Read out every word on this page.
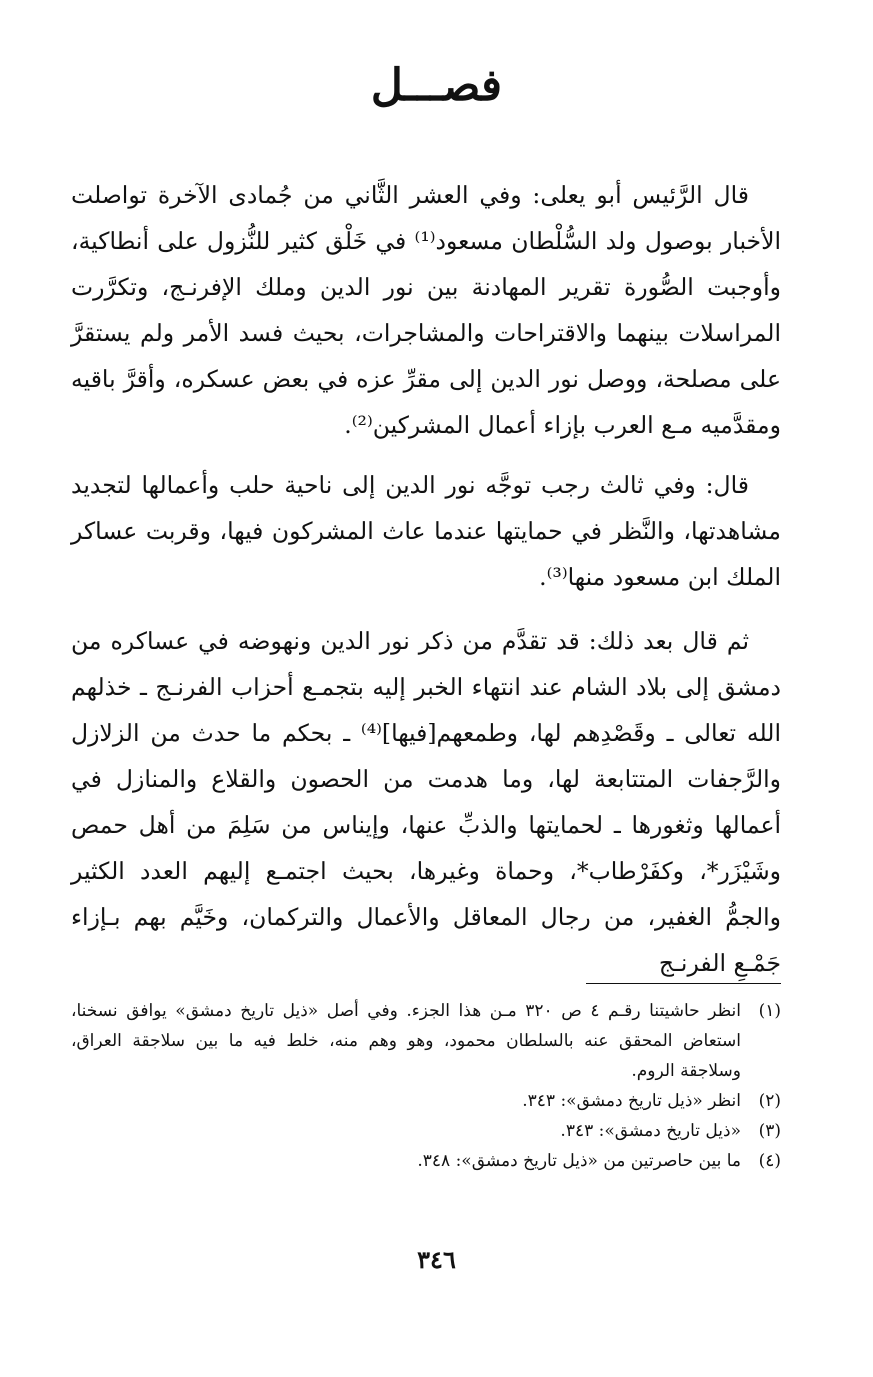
فصـــل

قال الرَّئيس أبو يعلى: وفي العشر الثَّاني من جُمادى الآخرة تواصلت الأخبار بوصول ولد السُّلْطان مسعود⁽¹⁾ في خَلْق كثير للنُّزول على أنطاكية، وأوجبت الصُّورة تقرير المهادنة بين نور الدين وملك الإفرنـج، وتكرَّرت المراسلات بينهما والاقتراحات والمشاجرات، بحيث فسد الأمر ولم يستقرَّ على مصلحة، ووصل نور الدين إلى مقرِّ عزه في بعض عسكره، وأقرَّ باقيه ومقدَّميه مـع العرب بإزاء أعمال المشركين⁽²⁾.

قال: وفي ثالث رجب توجَّه نور الدين إلى ناحية حلب وأعمالها لتجديد مشاهدتها، والنَّظر في حمايتها عندما عاث المشركون فيها، وقربت عساكر الملك ابن مسعود منها⁽³⁾.

ثم قال بعد ذلك: قد تقدَّم من ذكر نور الدين ونهوضه في عساكره من دمشق إلى بلاد الشام عند انتهاء الخبر إليه بتجمـع أحزاب الفرنـج ـ خذلهم الله تعالى ـ وقَصْدِهم لها، وطمعهم[فيها]⁽⁴⁾ ـ بحكم ما حدث من الزلازل والرَّجفات المتتابعة لها، وما هدمت من الحصون والقلاع والمنازل في أعمالها وثغورها ـ لحمايتها والذبِّ عنها، وإيناس من سَلِمَ من أهل حمص وشَيْزَر*، وكفَرْطاب*، وحماة وغيرها، بحيث اجتمـع إليهم العدد الكثير والجمُّ الغفير، من رجال المعاقل والأعمال والتركمان، وخَيَّم بهم بـإزاء جَمْـعِ الفرنـج

(١)
انظر حاشيتنا رقـم ٤ ص ٣٢٠ مـن هذا الجزء. وفي أصل «ذيل تاريخ دمشق» يوافق نسخنا، استعاض المحقق عنه بالسلطان محمود، وهو وهم منه، خلط فيه ما بين سلاجقة العراق، وسلاجقة الروم.
(٢)
انظر «ذيل تاريخ دمشق»: ٣٤٣.
(٣)
«ذيل تاريخ دمشق»: ٣٤٣.
(٤)
ما بين حاصرتين من «ذيل تاريخ دمشق»: ٣٤٨.
٣٤٦
